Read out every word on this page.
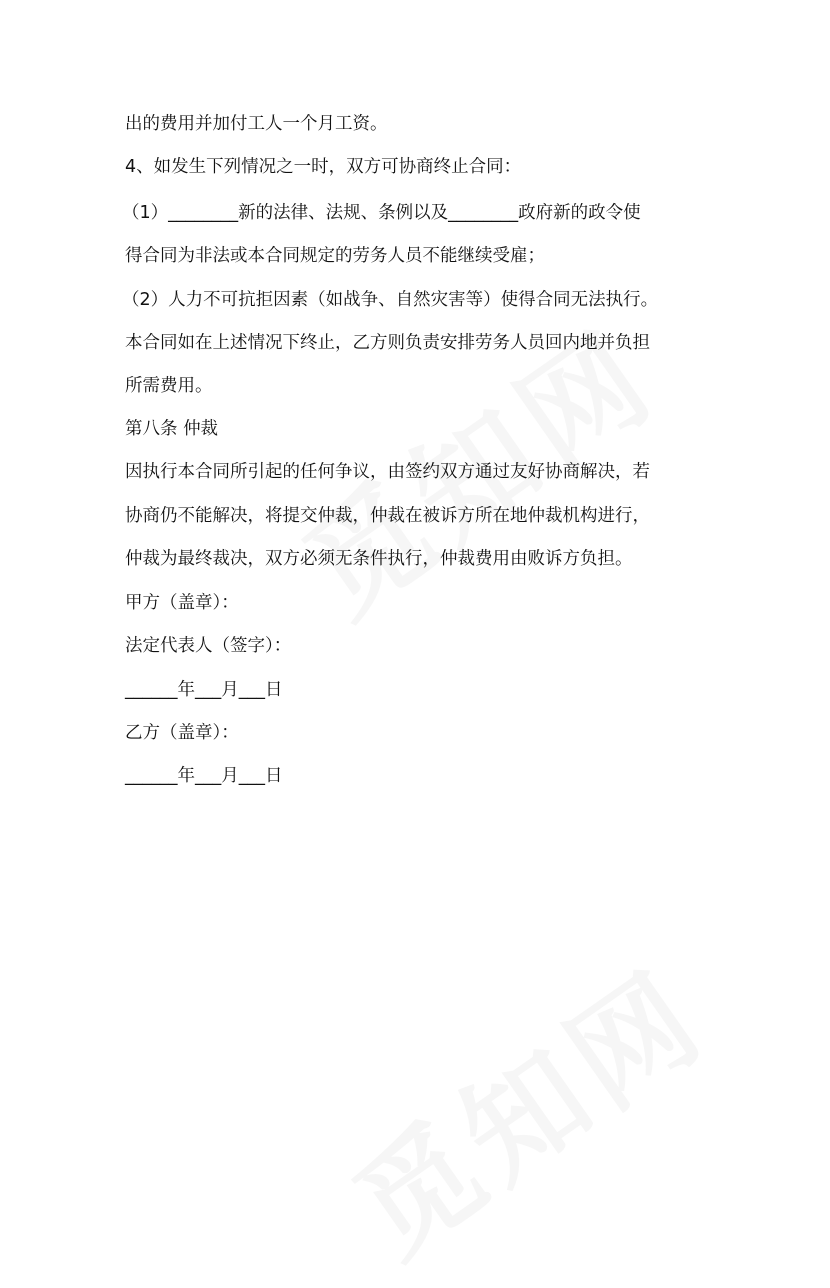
出的费用并加付工人一个月工资。
4、如发生下列情况之一时，双方可协商终止合同：
（1）________新的法律、法规、条例以及________政府新的政令使
得合同为非法或本合同规定的劳务人员不能继续受雇；
（2）人力不可抗拒因素（如战争、自然灾害等）使得合同无法执行。
本合同如在上述情况下终止，乙方则负责安排劳务人员回内地并负担
所需费用。
第八条 仲裁
因执行本合同所引起的任何争议，由签约双方通过友好协商解决，若
协商仍不能解决，将提交仲裁，仲裁在被诉方所在地仲裁机构进行，
仲裁为最终裁决，双方必须无条件执行，仲裁费用由败诉方负担。
甲方（盖章）：
法定代表人（签字）：
______年___月___日
乙方（盖章）：
______年___月___日
